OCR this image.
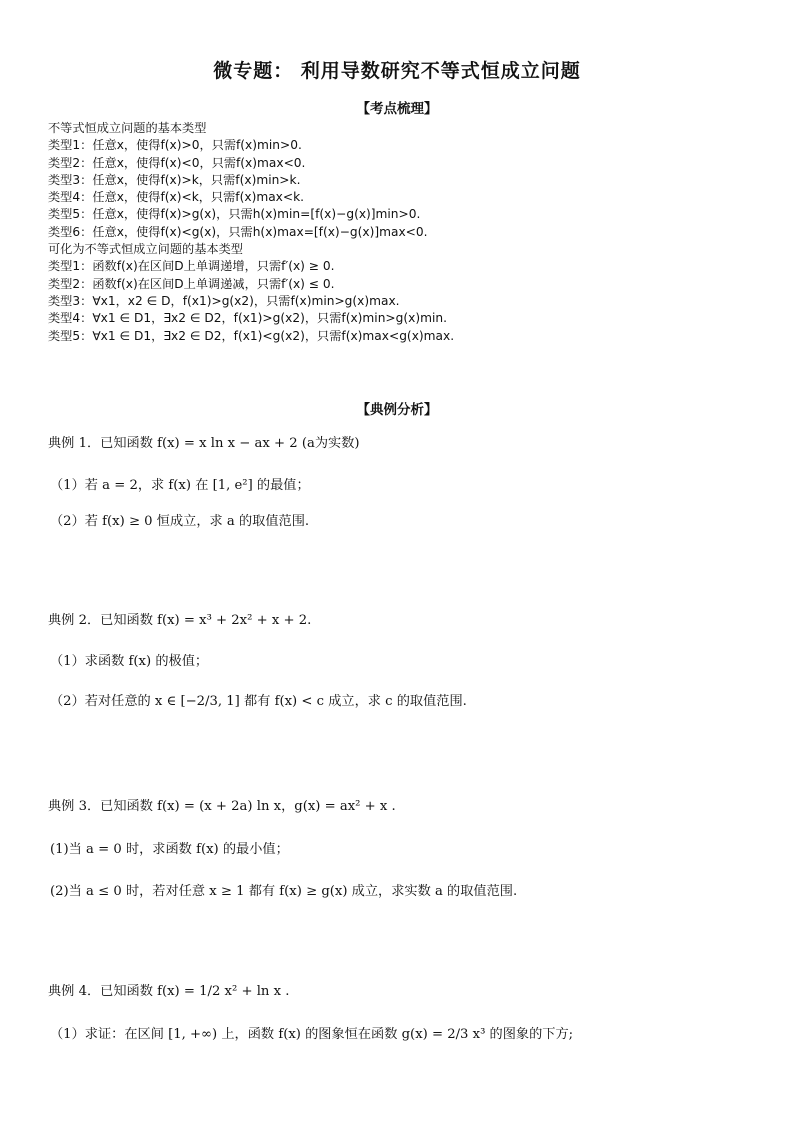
微专题： 利用导数研究不等式恒成立问题
【考点梳理】
不等式恒成立问题的基本类型
类型1：任意x，使得f(x)>0，只需f(x)min>0.
类型2：任意x，使得f(x)<0，只需f(x)max<0.
类型3：任意x，使得f(x)>k，只需f(x)min>k.
类型4：任意x，使得f(x)<k，只需f(x)max<k.
类型5：任意x，使得f(x)>g(x)，只需h(x)min=[f(x)−g(x)]min>0.
类型6：任意x，使得f(x)<g(x)，只需h(x)max=[f(x)−g(x)]max<0.
可化为不等式恒成立问题的基本类型
类型1：函数f(x)在区间D上单调递增，只需f′(x) ≥ 0.
类型2：函数f(x)在区间D上单调递减，只需f′(x) ≤ 0.
类型3：∀x1，x2 ∈ D，f(x1)>g(x2)，只需f(x)min>g(x)max.
类型4：∀x1 ∈ D1，∃x2 ∈ D2，f(x1)>g(x2)，只需f(x)min>g(x)min.
类型5：∀x1 ∈ D1，∃x2 ∈ D2，f(x1)<g(x2)，只需f(x)max<g(x)max.
【典例分析】
典例 1．已知函数 f(x) = x ln x − ax + 2 (a为实数)
（1）若 a = 2，求 f(x) 在 [1, e²] 的最值；
（2）若 f(x) ≥ 0 恒成立，求 a 的取值范围.
典例 2．已知函数 f(x) = x³ + 2x² + x + 2.
（1）求函数 f(x) 的极值；
（2）若对任意的 x ∈ [−2/3, 1] 都有 f(x) < c 成立，求 c 的取值范围.
典例 3．已知函数 f(x) = (x + 2a) ln x，g(x) = ax² + x .
(1)当 a = 0 时，求函数 f(x) 的最小值；
(2)当 a ≤ 0 时，若对任意 x ≥ 1 都有 f(x) ≥ g(x) 成立，求实数 a 的取值范围.
典例 4．已知函数 f(x) = 1/2 x² + ln x .
（1）求证：在区间 [1, +∞) 上，函数 f(x) 的图象恒在函数 g(x) = 2/3 x³ 的图象的下方;
